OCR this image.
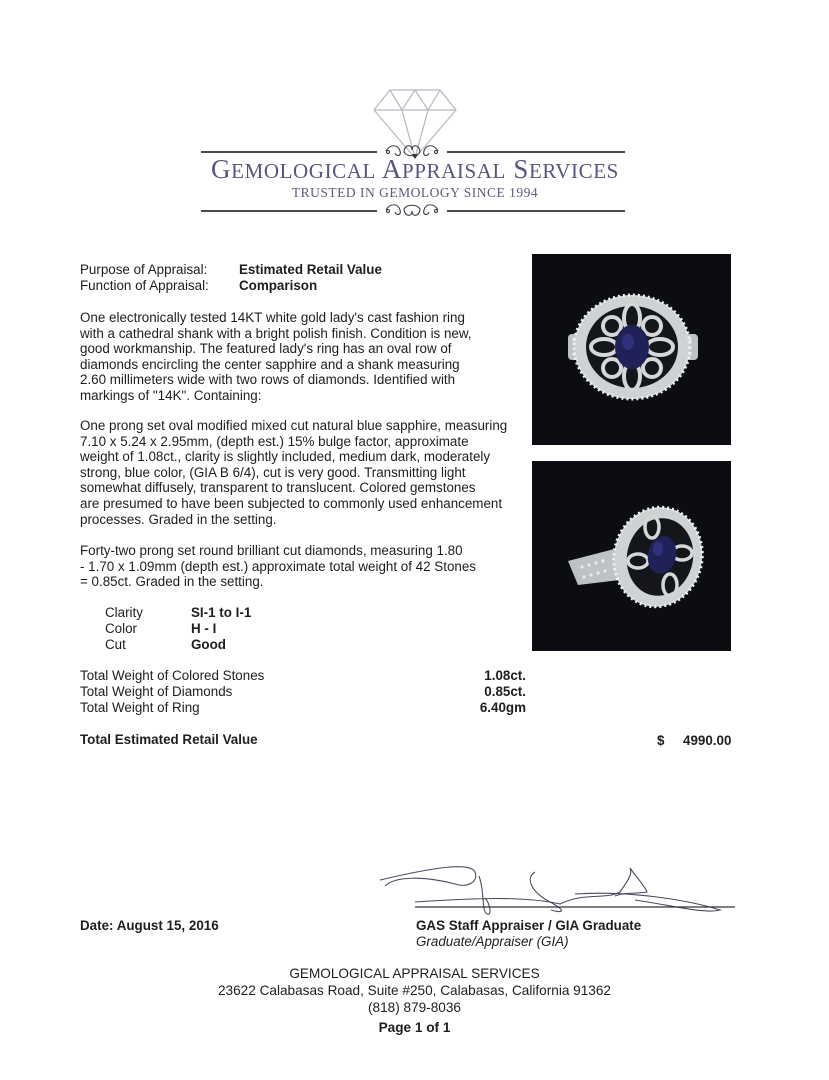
GEMOLOGICAL APPRAISAL SERVICES
TRUSTED IN GEMOLOGY SINCE 1994
Purpose of Appraisal: Estimated Retail Value
Function of Appraisal: Comparison
One electronically tested 14KT white gold lady's cast fashion ring
with a cathedral shank with a bright polish finish. Condition is new,
good workmanship. The featured lady's ring has an oval row of
diamonds encircling the center sapphire and a shank measuring
2.60 millimeters wide with two rows of diamonds. Identified with
markings of "14K". Containing:
One prong set oval modified mixed cut natural blue sapphire, measuring
7.10 x 5.24 x 2.95mm, (depth est.) 15% bulge factor, approximate
weight of 1.08ct., clarity is slightly included, medium dark, moderately
strong, blue color, (GIA B 6/4), cut is very good. Transmitting light
somewhat diffusely, transparent to translucent. Colored gemstones
are presumed to have been subjected to commonly used enhancement
processes. Graded in the setting.
Forty-two prong set round brilliant cut diamonds, measuring 1.80
- 1.70 x 1.09mm (depth est.) approximate total weight of 42 Stones
= 0.85ct. Graded in the setting.
Clarity	SI-1 to I-1
Color	H - I
Cut	Good
Total Weight of Colored Stones	1.08ct.
Total Weight of Diamonds	0.85ct.
Total Weight of Ring	6.40gm
Total Estimated Retail Value	$ 4990.00
Date: August 15, 2016	GAS Staff Appraiser / GIA Graduate
Graduate/Appraiser (GIA)
GEMOLOGICAL APPRAISAL SERVICES
23622 Calabasas Road, Suite #250, Calabasas, California 91362
(818) 879-8036
Page 1 of 1
